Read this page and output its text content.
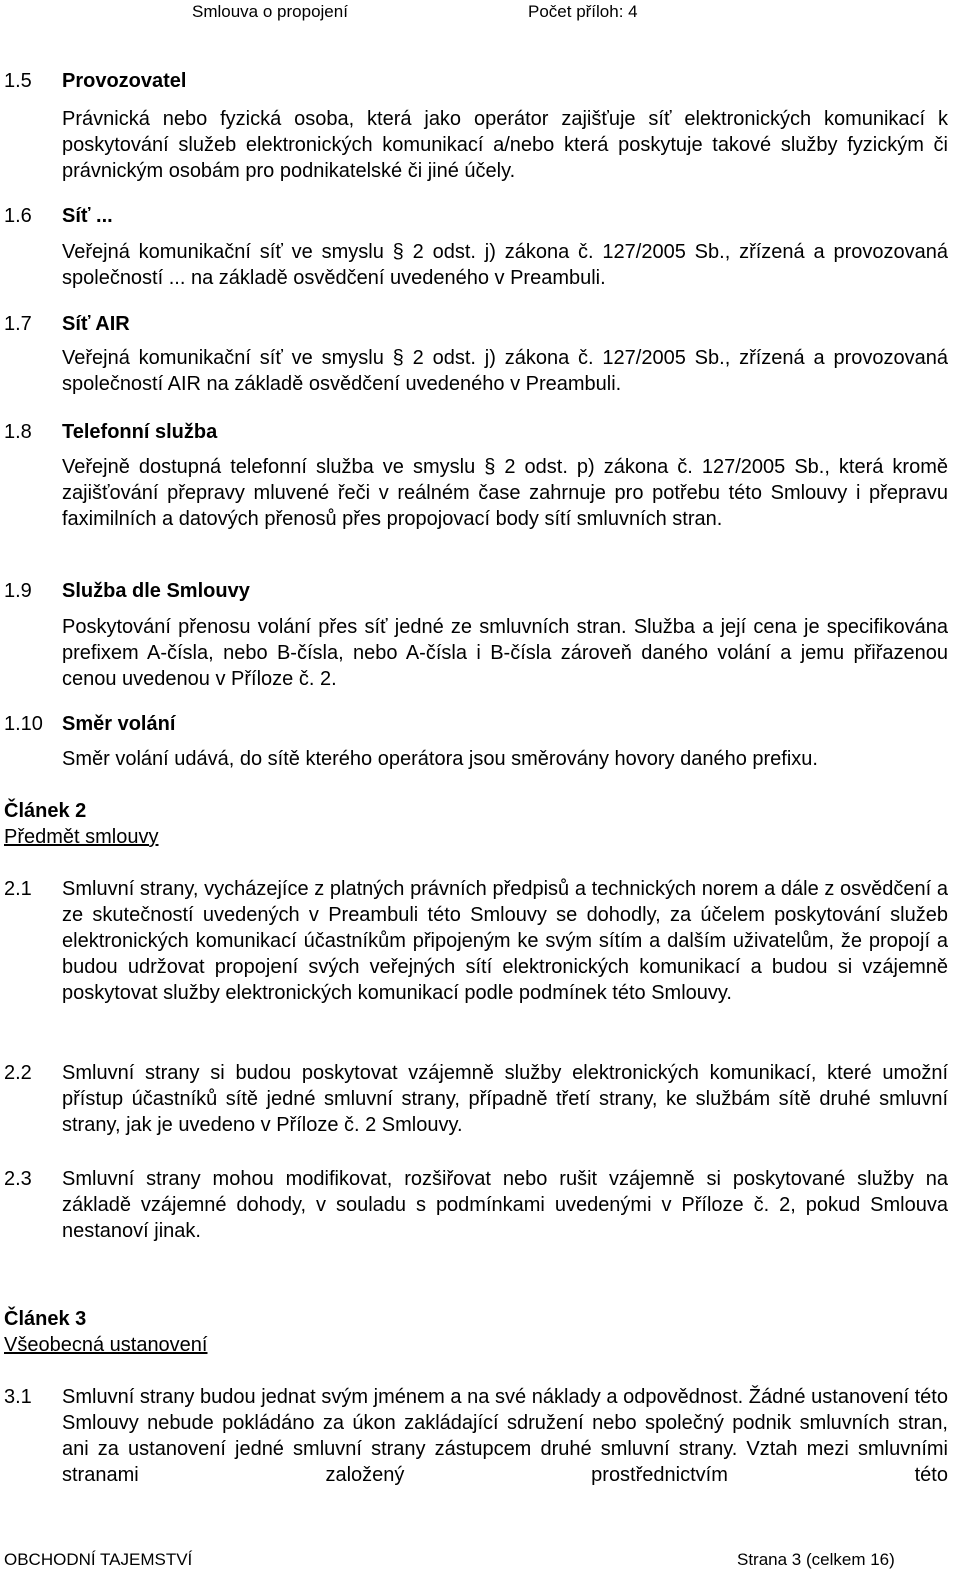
Smlouva o propojení	Počet příloh: 4
1.5	Provozovatel
Právnická nebo fyzická osoba, která jako operátor zajišťuje síť elektronických komunikací k poskytování služeb elektronických komunikací a/nebo která poskytuje takové služby fyzickým či právnickým osobám pro podnikatelské či jiné účely.
1.6	Síť ...
Veřejná komunikační síť ve smyslu § 2 odst. j) zákona č. 127/2005 Sb., zřízená a provozovaná společností ... na základě osvědčení uvedeného v Preambuli.
1.7	Síť AIR
Veřejná komunikační síť ve smyslu § 2 odst. j) zákona č. 127/2005 Sb., zřízená a provozovaná společností AIR na základě osvědčení uvedeného v Preambuli.
1.8	Telefonní služba
Veřejně dostupná telefonní služba ve smyslu § 2 odst. p) zákona č. 127/2005 Sb., která kromě zajišťování přepravy mluvené řeči v reálném čase zahrnuje pro potřebu této Smlouvy i přepravu faximilních a datových přenosů přes propojovací body sítí smluvních stran.
1.9	Služba dle Smlouvy
Poskytování přenosu volání přes síť jedné ze smluvních stran. Služba a její cena je specifikována prefixem A-čísla, nebo B-čísla, nebo A-čísla i B-čísla zároveň daného volání a jemu přiřazenou cenou uvedenou v Příloze č. 2.
1.10 Směr volání
Směr volání udává, do sítě kterého operátora jsou směrovány hovory daného prefixu.
Článek 2
Předmět smlouvy
2.1	Smluvní strany, vycházejíce z platných právních předpisů a technických norem a dále z osvědčení a ze skutečností uvedených v Preambuli této Smlouvy se dohodly, za účelem poskytování služeb elektronických komunikací účastníkům připojeným ke svým sítím a dalším uživatelům, že propojí a budou udržovat propojení svých veřejných sítí elektronických komunikací a budou si vzájemně poskytovat služby elektronických komunikací podle podmínek této Smlouvy.
2.2	Smluvní strany si budou poskytovat vzájemně služby elektronických komunikací, které umožní přístup účastníků sítě jedné smluvní strany, případně třetí strany, ke službám sítě druhé smluvní strany, jak je uvedeno v Příloze č. 2 Smlouvy.
2.3	Smluvní strany mohou modifikovat, rozšiřovat nebo rušit vzájemně si poskytované služby na základě vzájemné dohody, v souladu s podmínkami uvedenými v Příloze č. 2, pokud Smlouva nestanoví jinak.
Článek 3
Všeobecná ustanovení
3.1	Smluvní strany budou jednat svým jménem a na své náklady a odpovědnost. Žádné ustanovení této Smlouvy nebude pokládáno za úkon zakládající sdružení nebo společný podnik smluvních stran, ani za ustanovení jedné smluvní strany zástupcem druhé smluvní strany. Vztah mezi smluvními stranami založený prostřednictvím této
OBCHODNÍ TAJEMSTVÍ	Strana 3 (celkem 16)
